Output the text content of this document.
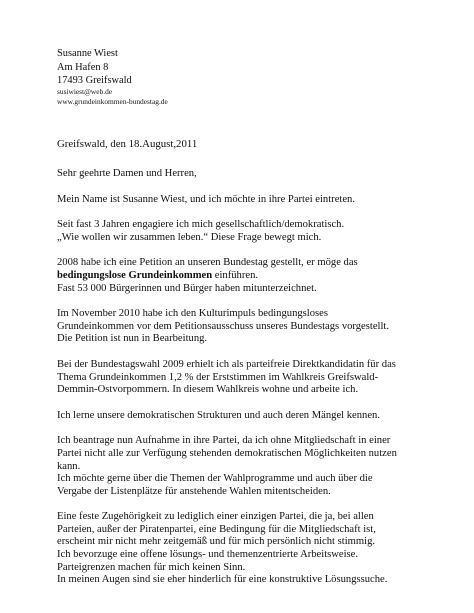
Susanne Wiest
Am Hafen 8
17493 Greifswald
susiwiest@web.de
www.grundeinkommen-bundestag.de
Greifswald, den 18.August,2011

Sehr geehrte Damen und Herren,

Mein Name ist Susanne Wiest, und ich möchte in ihre Partei eintreten.

Seit fast 3 Jahren engagiere ich mich gesellschaftlich/demokratisch.
„Wie wollen wir zusammen leben.“ Diese Frage bewegt mich.

2008 habe ich eine Petition an unseren Bundestag gestellt, er möge das
bedingungslose Grundeinkommen einführen.
Fast 53 000 Bürgerinnen und Bürger haben mitunterzeichnet.

Im November 2010 habe ich den Kulturimpuls bedingungsloses
Grundeinkommen vor dem Petitionsausschuss unseres Bundestags vorgestellt.
Die Petition ist nun in Bearbeitung.

Bei der Bundestagswahl 2009 erhielt ich als parteifreie Direktkandidatin für das
Thema Grundeinkommen 1,2 % der Erststimmen im Wahlkreis Greifswald-
Demmin-Ostvorpommern. In diesem Wahlkreis wohne und arbeite ich.

Ich lerne unsere demokratischen Strukturen und auch deren Mängel kennen.

Ich beantrage nun Aufnahme in ihre Partei, da ich ohne Mitgliedschaft in einer
Partei nicht alle zur Verfügung stehenden demokratischen Möglichkeiten nutzen
kann.
Ich möchte gerne über die Themen der Wahlprogramme und auch über die
Vergabe der Listenplätze für anstehende Wahlen mitentscheiden.

Eine feste Zugehörigkeit zu lediglich einer einzigen Partei, die ja, bei allen
Parteien, außer der Piratenpartei, eine Bedingung für die Mitgliedschaft ist,
erscheint mir nicht mehr zeitgemäß und für mich persönlich nicht stimmig.
Ich bevorzuge eine offene lösungs- und themenzentrierte Arbeitsweise.
Parteigrenzen machen für mich keinen Sinn.
In meinen Augen sind sie eher hinderlich für eine konstruktive Lösungssuche.
